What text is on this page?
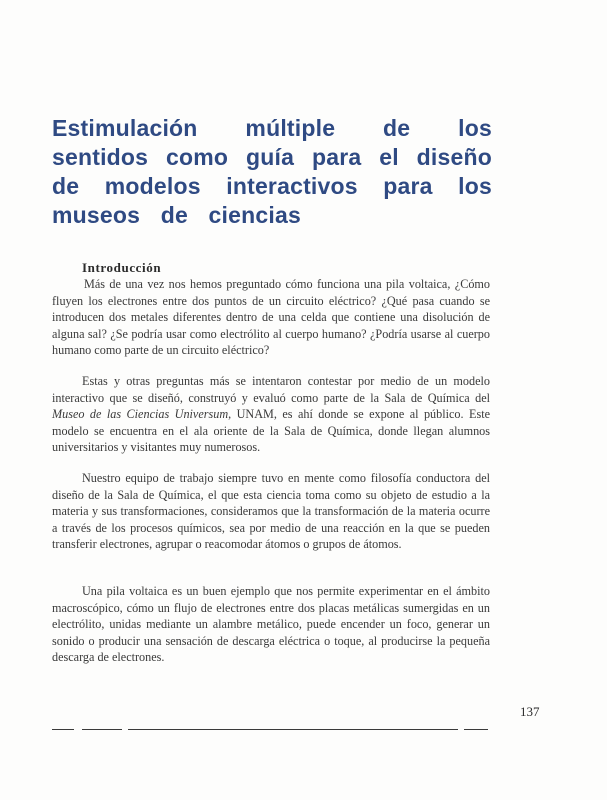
Estimulación múltiple de los
sentidos como guía para el diseño
de modelos interactivos para los
museos de ciencias
Introducción

Más de una vez nos hemos preguntado cómo funciona una pila voltaica, ¿Cómo fluyen los electrones entre dos puntos de un circuito eléctrico? ¿Qué pasa cuando se introducen dos metales diferentes dentro de una celda que contiene una disolución de alguna sal? ¿Se podría usar como electrólito al cuerpo humano? ¿Podría usarse al cuerpo humano como parte de un circuito eléctrico?

Estas y otras preguntas más se intentaron contestar por medio de un modelo interactivo que se diseñó, construyó y evaluó como parte de la Sala de Química del Museo de las Ciencias Universum, UNAM, es ahí donde se expone al público. Este modelo se encuentra en el ala oriente de la Sala de Química, donde llegan alumnos universitarios y visitantes muy numerosos.

Nuestro equipo de trabajo siempre tuvo en mente como filosofía conductora del diseño de la Sala de Química, el que esta ciencia toma como su objeto de estudio a la materia y sus transformaciones, consideramos que la transformación de la materia ocurre a través de los procesos químicos, sea por medio de una reacción en la que se pueden transferir electrones, agrupar o reacomodar átomos o grupos de átomos.

Una pila voltaica es un buen ejemplo que nos permite experimentar en el ámbito macroscópico, cómo un flujo de electrones entre dos placas metálicas sumergidas en un electrólito, unidas mediante un alambre metálico, puede encender un foco, generar un sonido o producir una sensación de descarga eléctrica o toque, al producirse la pequeña descarga de electrones.

137
